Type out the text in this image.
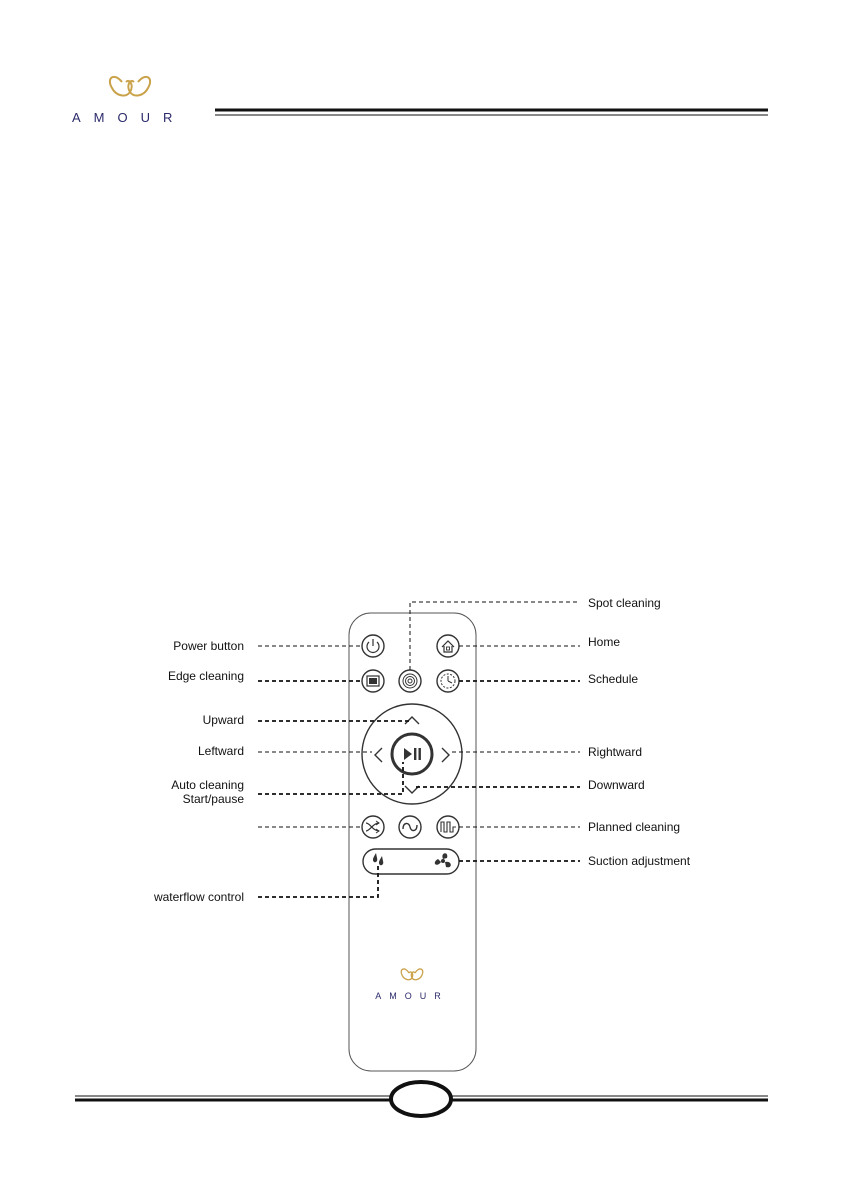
AMOUR
AMOUR
Spot cleaning
Power button	Home
Edge cleaning	Schedule
Upward
Leftward	Rightward
Auto cleaning
Start/pause
Downward
Planned cleaning
Suction adjustment
waterflow control
